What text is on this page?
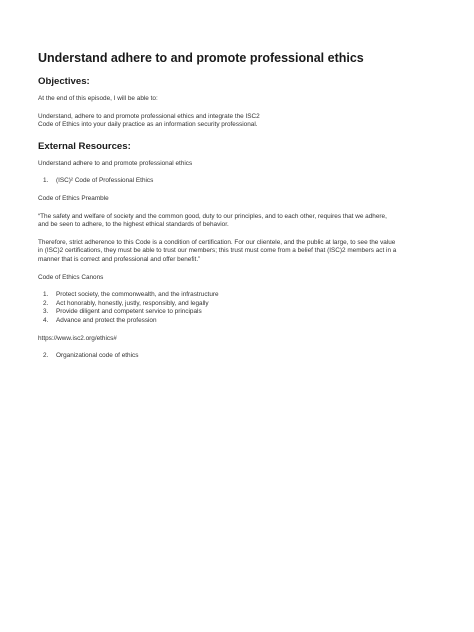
Understand adhere to and promote professional ethics
Objectives:

At the end of this episode, I will be able to:

Understand, adhere to and promote professional ethics and integrate the ISC2

Code of Ethics into your daily practice as an information security professional.

External Resources:

Understand adhere to and promote professional ethics

1. (ISC)² Code of Professional Ethics

Code of Ethics Preamble

“The safety and welfare of society and the common good, duty to our principles, and to each other, requires that we adhere,

and be seen to adhere, to the highest ethical standards of behavior.

Therefore, strict adherence to this Code is a condition of certification. For our clientele, and the public at large, to see the value

in (ISC)2 certifications, they must be able to trust our members; this trust must come from a belief that (ISC)2 members act in a

manner that is correct and professional and offer benefit.”

Code of Ethics Canons

1. Protect society, the commonwealth, and the infrastructure
2. Act honorably, honestly, justly, responsibly, and legally
3. Provide diligent and competent service to principals
4. Advance and protect the profession

https://www.isc2.org/ethics#

2. Organizational code of ethics
